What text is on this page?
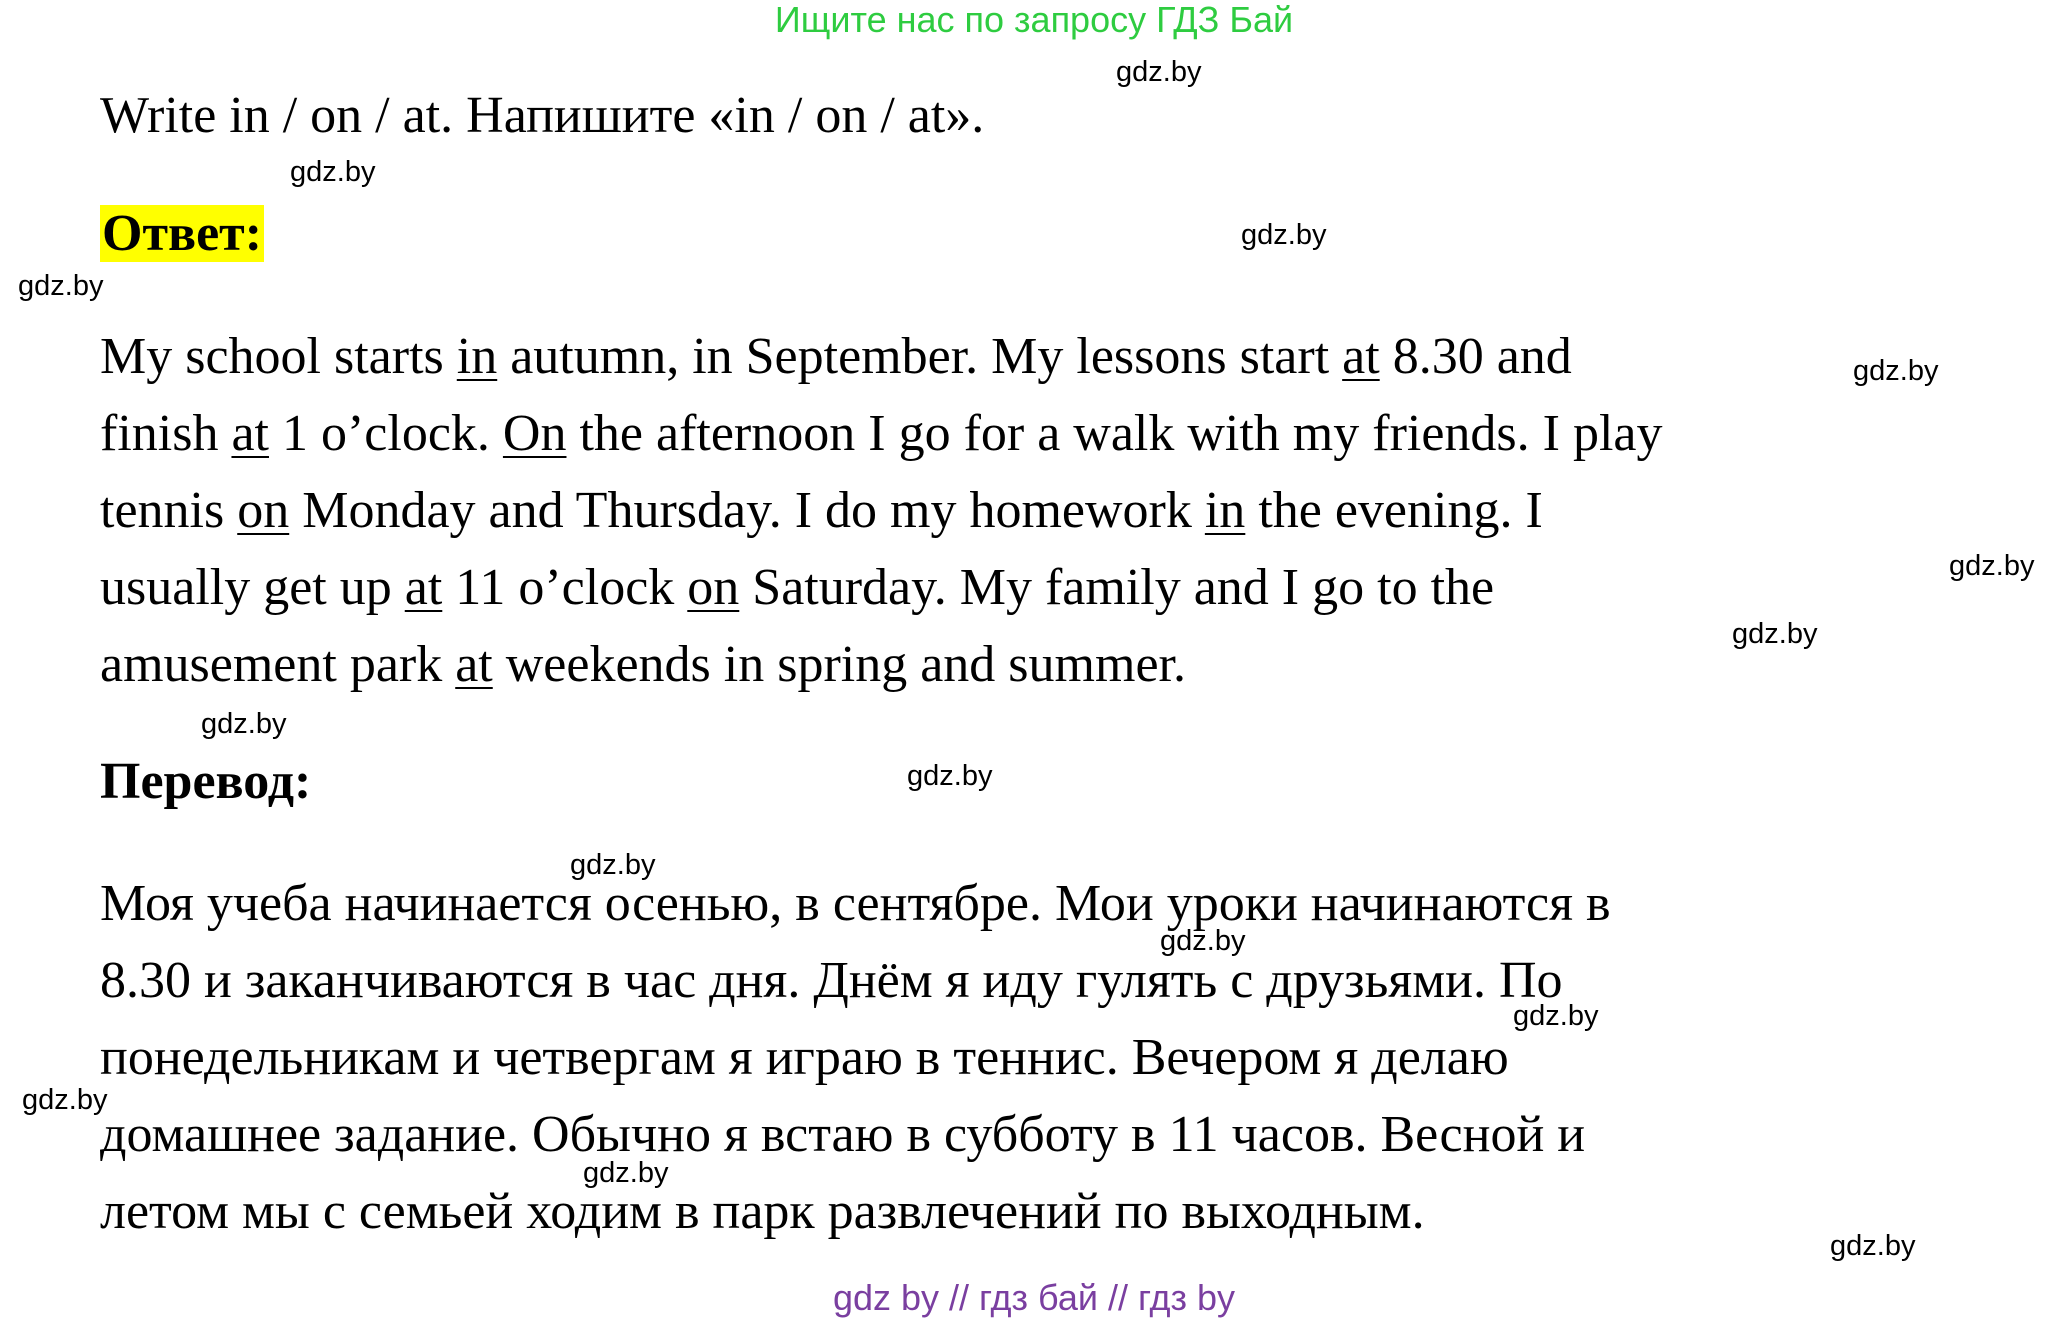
Ищите нас по запросу ГДЗ Бай
Write in / on / at. Напишите «in / on / at».
Ответ:
My school starts in autumn, in September. My lessons start at 8.30 and
finish at 1 o’clock. On the afternoon I go for a walk with my friends. I play
tennis on Monday and Thursday. I do my homework in the evening. I
usually get up at 11 o’clock on Saturday. My family and I go to the
amusement park at weekends in spring and summer.
Перевод:
Моя учеба начинается осенью, в сентябре. Мои уроки начинаются в
8.30 и заканчиваются в час дня. Днём я иду гулять с друзьями. По
понедельникам и четвергам я играю в теннис. Вечером я делаю
домашнее задание. Обычно я встаю в субботу в 11 часов. Весной и
летом мы с семьей ходим в парк развлечений по выходным.
gdz.by
gdz.by
gdz.by
gdz.by
gdz.by
gdz.by
gdz.by
gdz.by
gdz.by
gdz.by
gdz.by
gdz.by
gdz.by
gdz.by
gdz.by
gdz by // гдз бай // гдз by
